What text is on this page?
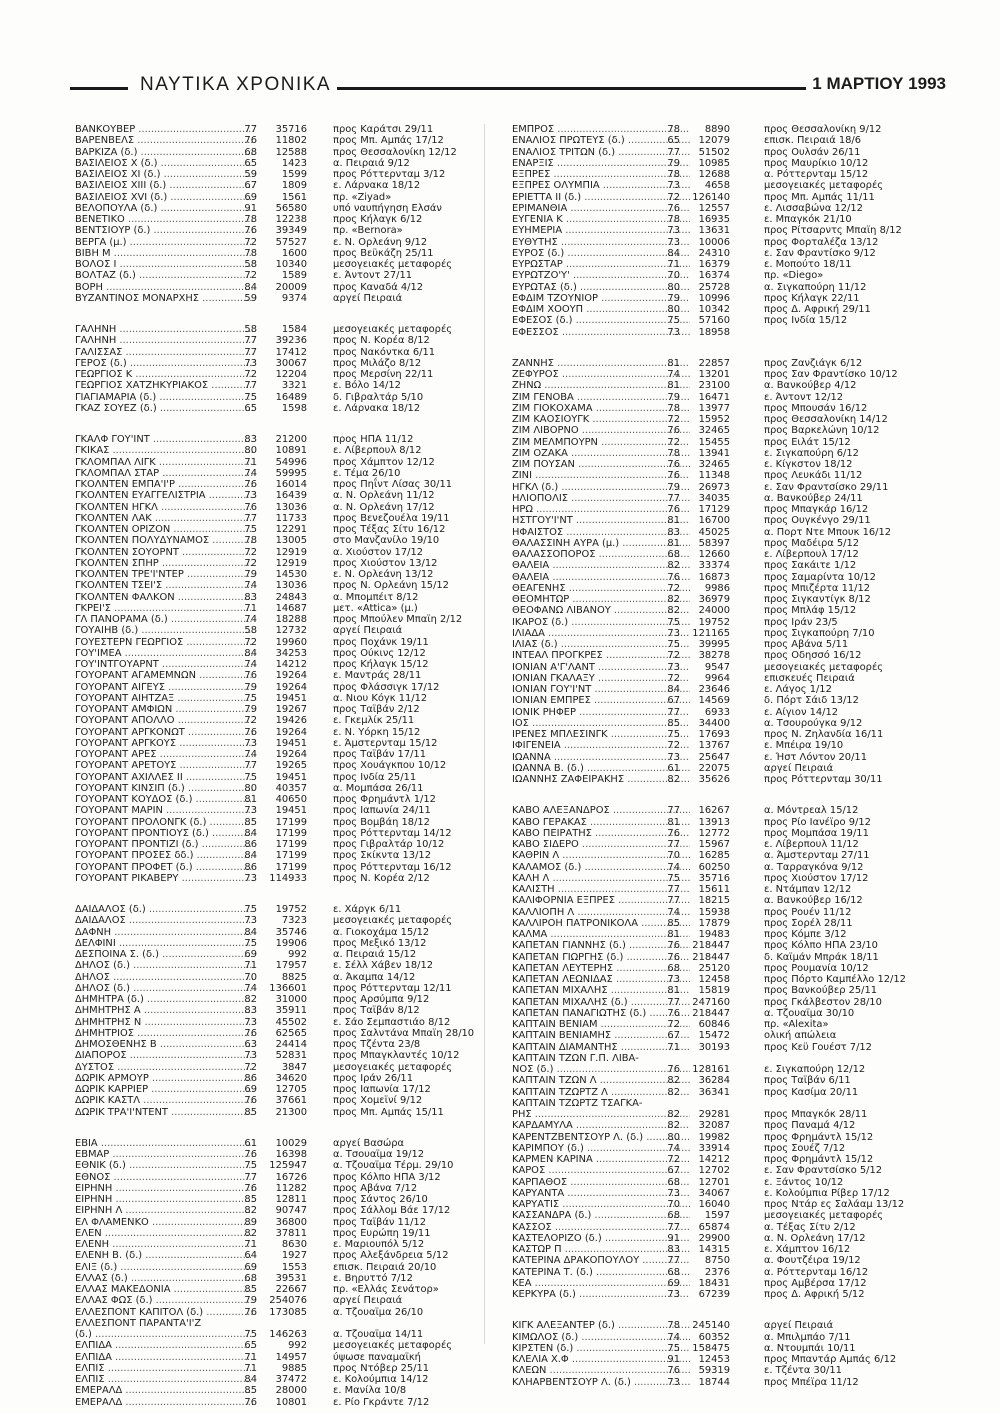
ΝΑΥΤΙΚΑ ΧΡΟΝΙΚΑ	1 ΜΑΡΤΙΟΥ 1993
ΒΑΝΚΟΥΒΕΡ .....	77	35716	προς Καράτσι 29/11
ΒΑΡΕΝΒΕΛΣ .....	76	11802	προς Μπ. Αμπάς 17/12
ΒΑΡΚΙΖΑ (δ.) .....	68	12588	προς Θεσσαλονίκη 12/12
ΒΑΣΙΛΕΙΟΣ Χ (δ.) .....	65	1423	α. Πειραιά 9/12
ΒΑΣΙΛΕΙΟΣ ΧΙ (δ.) .....	59	1599	προς Ρόττερνταμ 3/12
ΒΑΣΙΛΕΙΟΣ ΧΙΙΙ (δ.) .....	67	1809	ε. Λάρνακα 18/12
ΒΑΣΙΛΕΙΟΣ ΧVΙ (δ.) .....	69	1561	πρ. «Ziyad»
ΒΕΛΟΠΟΥΛΑ (δ.) .....	91	56580	υπό ναυπήγηση Ελσάν
ΒΕΝΕΤΙΚΟ .....	78	12238	προς Κήλαγκ 6/12
ΒΕΝΤΣΙΟΥΡ (δ.) .....	76	39349	πρ. «Bernora»
ΒΕΡΓΑ (μ.) .....	72	57527	ε. Ν. Ορλεάνη 9/12
ΒΙΒΗ Μ .....	78	1600	προς Βεϋκάζη 25/11
ΒΟΛΟΣ Ι .....	58	10340	μεσογειακές μεταφορές
ΒΟΛΤΑΖ (δ.) .....	72	1589	ε. Άντοντ 27/11
ΒΟΡΗ .....	84	20009	προς Καναδά 4/12
ΒΥΖΑΝΤΙΝΟΣ ΜΟΝΑΡΧΗΣ .....	59	9374	αργεί Πειραιά
ΓΑΛΗΝΗ .....	58	1584	μεσογειακές μεταφορές
ΓΑΛΗΝΗ .....	77	39236	προς Ν. Κορέα 8/12
ΓΑΛΙΣΣΑΣ .....	77	17412	προς Νακόντκα 6/11
ΓΕΡΟΣ (δ.) .....	73	30067	προς Μιλάζο 8/12
ΓΕΩΡΓΙΟΣ Κ .....	72	12204	προς Μερσίνη 22/11
ΓΕΩΡΓΙΟΣ ΧΑΤΖΗΚΥΡΙΑΚΟΣ .....	77	3321	ε. Βόλο 14/12
ΓΙΑΓΙΑΜΑΡΙΑ (δ.) .....	75	16489	δ. Γιβραλτάρ 5/10
ΓΚΑΖ ΣΟΥΕΖ (δ.) .....	65	1598	ε. Λάρνακα 18/12
ΓΚΑΛΦ ΓΟΥ'ΙΝΤ .....	83	21200	προς ΗΠΑ 11/12
ΓΚΙΚΑΣ .....	80	10891	ε. Λίβερπουλ 8/12
ΓΚΛΟΜΠΑΛ ΛΙΓΚ .....	71	54996	προς Χάμπτον 12/12
ΓΚΛΟΜΠΑΛ ΣΤΑΡ .....	74	59995	ε. Τέμα 26/10
ΓΚΟΛΝΤΕΝ ΕΜΠΑ'Ι'Ρ .....	76	16014	προς Πηΐντ Λίσας 30/11
ΓΚΟΛΝΤΕΝ ΕΥΑΓΓΕΛΙΣΤΡΙΑ .....	73	16439	α. Ν. Ορλεάνη 11/12
ΓΚΟΛΝΤΕΝ ΗΓΚΛ .....	76	13036	α. Ν. Ορλεάνη 17/12
ΓΚΟΛΝΤΕΝ ΛΑΚ .....	77	11733	προς Βενεζουέλα 19/11
ΓΚΟΛΝΤΕΝ ΟΡΙΖΟΝ .....	75	12291	προς Τέξας Σίτυ 16/12
ΓΚΟΛΝΤΕΝ ΠΟΛΥΔΥΝΑΜΟΣ .....	78	13005	στο Μανζανίλο 19/10
ΓΚΟΛΝΤΕΝ ΣΟΥΟΡΝΤ .....	72	12919	α. Χιούστον 17/12
ΓΚΟΛΝΤΕΝ ΣΠΗΡ .....	72	12919	προς Χιούστον 13/12
ΓΚΟΛΝΤΕΝ ΤΡΕ'Ι'ΝΤΕΡ .....	79	14530	ε. Ν. Ορλεάνη 13/12
ΓΚΟΛΝΤΕΝ ΤΣΕΙ'Σ .....	74	13036	προς Ν. Ορλεάνη 15/12
ΓΚΟΛΝΤΕΝ ΦΑΛΚΟΝ .....	83	24843	α. Μπομπέιτ 8/12
ΓΚΡΕΪ'Σ .....	71	14687	μετ. «Attica» (μ.)
ΓΛ ΠΑΝΟΡΑΜΑ (δ.) .....	74	18288	προς Μπούλεν Μπαϊη 2/12
ΓΟΥΑΙΗΒ (δ.) .....	58	12732	αργεί Πειραιά
ΓΟΥΕΣΤΕΡΝ ΓΕΩΡΓΙΟΣ .....	72	19960	προς Ποχάνκ 19/11
ΓΟΥ'ΙΜΕΑ .....	84	34253	προς Ούκινς 12/12
ΓΟΥ'ΙΝΤΓΟΥΑΡΝΤ .....	74	14212	προς Κήλαγκ 15/12
ΓΟΥΟΡΑΝΤ ΑΓΑΜΕΜΝΩΝ .....	76	19264	ε. Μαντράς 28/11
ΓΟΥΟΡΑΝΤ ΑΙΓΕΥΣ .....	79	19264	προς Φλάσσιγκ 17/12
ΓΟΥΟΡΑΝΤ ΑΙΗΤΖΑΞ .....	75	19451	α. Νιου Κόγκ 11/12
ΓΟΥΟΡΑΝΤ ΑΜΦΙΩΝ .....	79	19267	προς Ταϊβάν 2/12
ΓΟΥΟΡΑΝΤ ΑΠΟΛΛΟ .....	72	19426	ε. Γκεμλίκ 25/11
ΓΟΥΟΡΑΝΤ ΑΡΓΚΟΝΩΤ .....	76	19264	ε. Ν. Υόρκη 15/12
ΓΟΥΟΡΑΝΤ ΑΡΓΚΟΥΣ .....	73	19451	ε. Άμστερνταμ 15/12
ΓΟΥΟΡΑΝΤ ΑΡΕΣ .....	74	19264	προς Ταϊβάν 17/11
ΓΟΥΟΡΑΝΤ ΑΡΕΤΟΥΣ .....	77	19265	προς Χουάγκπου 10/12
ΓΟΥΟΡΑΝΤ ΑΧΙΛΛΕΣ ΙΙ .....	75	19451	προς Ινδία 25/11
ΓΟΥΟΡΑΝΤ ΚΙΝΣΙΠ (δ.) .....	80	40357	α. Μομπάσα 26/11
ΓΟΥΟΡΑΝΤ ΚΟΥΔΟΣ (δ.) .....	81	40650	προς Φρημάντλ 1/12
ΓΟΥΟΡΑΝΤ ΜΑΡΙΝ .....	73	19451	προς Ιαπωνία 24/11
ΓΟΥΟΡΑΝΤ ΠΡΟΛΟΝΓΚ (δ.) .....	85	17199	προς Βομβάη 18/12
ΓΟΥΟΡΑΝΤ ΠΡΟΝΤΙΟΥΣ (δ.) .....	84	17199	προς Ρόττερνταμ 14/12
ΓΟΥΟΡΑΝΤ ΠΡΟΝΤΙΖΙ (δ.) .....	86	17199	προς Γιβραλτάρ 10/12
ΓΟΥΟΡΑΝΤ ΠΡΟΣΕΣ δδ.) .....	84	17199	προς Σκίκντα 13/12
ΓΟΥΟΡΑΝΤ ΠΡΟΦΕΤ (δ.) .....	86	17199	προς Ρόττερνταμ 16/12
ΓΟΥΟΡΑΝΤ ΡΙΚΑΒΕΡΥ .....	73	114933	προς Ν. Κορέα 2/12
ΔΑΙΔΑΛΟΣ (δ.) .....	75	19752	ε. Χάργκ 6/11
ΔΑΙΔΑΛΟΣ .....	73	7323	μεσογειακές μεταφορές
ΔΑΦΝΗ .....	84	35746	α. Γιοκοχάμα 15/12
ΔΕΛΦΙΝΙ .....	75	19906	προς Μεξικό 13/12
ΔΕΣΠΟΙΝΑ Σ. (δ.) .....	69	992	α. Πειραιά 15/12
ΔΗΛΟΣ (δ.) .....	71	17957	ε. Σέλλ Χάβεν 18/12
ΔΗΛΟΣ .....	70	8825	α. Άκαμπα 14/12
ΔΗΛΟΣ (δ.) .....	74	136601	προς Ρόττερνταμ 12/11
ΔΗΜΗΤΡΑ (δ.) .....	82	31000	προς Αρσύμπα 9/12
ΔΗΜΗΤΡΗΣ Α .....	83	35911	προς Ταϊβάν 8/12
ΔΗΜΗΤΡΗΣ Ν .....	73	45502	ε. Σάο Σεμπαστιάο 8/12
ΔΗΜΗΤΡΙΟΣ .....	76	62565	προς Σαλντάνα Μπαϊη 28/10
ΔΗΜΟΣΘΕΝΗΣ Β .....	63	24414	προς Τζέντα 23/8
ΔΙΑΠΟΡΟΣ .....	73	52831	προς Μπαγκλαντές 10/12
ΔΥΣΤΟΣ .....	72	3847	μεσογειακές μεταφορές
ΔΩΡΙΚ ΑΡΜΟΥΡ .....	86	34620	προς Ιράν 26/11
ΔΩΡΙΚ ΚΑΡΡΙΕΡ .....	69	12705	προς Ιαπωνία 17/12
ΔΩΡΙΚ ΚΑΣΤΛ .....	76	37661	προς Χομεϊνί 9/12
ΔΩΡΙΚ ΤΡΑ'Ι'ΝΤΕΝΤ .....	85	21300	προς Μπ. Αμπάς 15/11
ΕΒΙΑ .....	61	10029	αργεί Βασώρα
ΕΒΜΑΡ .....	76	16398	α. Τσουαϊμα 19/12
ΕΘΝΙΚ (δ.) .....	75	125947	α. Τζουαϊμα Τέρμ. 29/10
ΕΘΝΟΣ .....	77	16726	προς Κόλπο ΗΠΑ 3/12
ΕΙΡΗΝΗ .....	76	11282	προς Αβάνα 7/12
ΕΙΡΗΝΗ .....	85	12811	προς Σάντος 26/10
ΕΙΡΗΝΗ Λ .....	82	90747	προς Σάλλομ Βάε 17/12
ΕΛ ΦΛΑΜΕΝΚΟ .....	89	36800	προς Ταϊβάν 11/12
ΕΛΕΝ .....	82	37811	προς Ευρώπη 19/11
ΕΛΕΝΗ .....	71	8630	ε. Μαριουπόλ 5/12
ΕΛΕΝΗ Β. (δ.) .....	64	1927	προς Αλεξάνδρεια 5/12
ΕΛΙΞ (δ.) .....	69	1553	επισκ. Πειραιά 20/10
ΕΛΛΑΣ (δ.) .....	68	39531	ε. Βηρυττό 7/12
ΕΛΛΑΣ ΜΑΚΕΔΟΝΙΑ .....	85	22667	πρ. «Ελλάς Σενάτορ»
ΕΛΛΑΣ ΦΩΣ (δ.) .....	79	254076	αργεί Πειραιά
ΕΛΛΕΣΠΟΝΤ ΚΑΠΙΤΟΛ (δ.) .....	76	173085	α. Τζουαϊμα 26/10
ΕΛΛΕΣΠΟΝΤ ΠΑΡΑΝΤΑ'Ι'Ζ
(δ.) .....	75	146263	α. Τζουαϊμα 14/11
ΕΛΠΙΔΑ .....	65	992	μεσογειακές μεταφορές
ΕΛΠΙΔΑ .....	71	14957	ύψωσε παναμαϊκή
ΕΛΠΙΣ .....	71	9885	προς Ντόβερ 25/11
ΕΛΠΙΣ .....	84	37472	ε. Κολούμπια 14/12
ΕΜΕΡΑΛΔ .....	85	28000	ε. Μανίλα 10/8
ΕΜΕΡΑΛΔ .....	76	10801	ε. Ρίο Γκράντε 7/12
ΕΜΠΡΟΣ .....	78	8890	προς Θεσσαλονίκη 9/12
ΕΝΑΛΙΟΣ ΠΡΩΤΕΥΣ (δ.) .....	65	12079	επισκ. Πειραιά 18/6
ΕΝΑΛΙΟΣ ΤΡΙΤΩΝ (δ.) .....	77	51502	προς Ουλσάν 26/11
ΕΝΑΡΞΙΣ .....	79	10985	προς Μαυρίκιο 10/12
ΕΞΠΡΕΣ .....	78	12688	α. Ρόττερνταμ 15/12
ΕΞΠΡΕΣ ΟΛΥΜΠΙΑ .....	73	4658	μεσογειακές μεταφορές
ΕΡΙΕΤΤΑ ΙΙ (δ.) .....	72	126140	προς Μπ. Αμπάς 11/11
ΕΡΙΜΑΝΘΙΑ .....	76	12557	ε. Λισσαβώνα 12/12
ΕΥΓΕΝΙΑ Κ .....	78	16935	ε. Μπαγκόκ 21/10
ΕΥΗΜΕΡΙΑ .....	73	13631	προς Ρίτσαρντς Μπαϊη 8/12
ΕΥΘΥΤΗΣ .....	73	10006	προς Φορταλέζα 13/12
ΕΥΡΟΣ (δ.) .....	84	24310	ε. Σαν Φραντίσκο 9/12
ΕΥΡΩΣΤΑΡ .....	71	16379	ε. Μοπούτο 18/11
ΕΥΡΩΤΖΟ'Υ' .....	70	16374	πρ. «Diego»
ΕΥΡΩΤΑΣ (δ.) .....	80	25728	α. Σιγκαπούρη 11/12
ΕΦΔΙΜ ΤΖΟΥΝΙΟΡ .....	79	10996	προς Κήλαγκ 22/11
ΕΦΔΙΜ ΧΟΟΥΠ .....	80	10342	προς Δ. Αφρική 29/11
ΕΦΕΣΟΣ (δ.) .....	75	57160	προς Ινδία 15/12
ΕΦΕΣΣΟΣ .....	73	18958
ΖΑΝΝΗΣ .....	81	22857	προς Ζανζιάγκ 6/12
ΖΕΦΥΡΟΣ .....	74	13201	προς Σαν Φραντίσκο 10/12
ΖΗΝΩ .....	81	23100	α. Βανκούβερ 4/12
ΖΙΜ ΓΕΝΟΒΑ .....	79	16471	ε. Άντοντ 12/12
ΖΙΜ ΓΙΟΚΟΧΑΜΑ .....	78	13977	προς Μπουσάν 16/12
ΖΙΜ ΚΑΟΣΙΟΥΓΚ .....	72	15952	προς Θεσσαλονίκη 14/12
ΖΙΜ ΛΙΒΟΡΝΟ .....	76	32465	προς Βαρκελώνη 10/12
ΖΙΜ ΜΕΛΜΠΟΥΡΝ .....	72	15455	προς Ειλάτ 15/12
ΖΙΜ ΟΖΑΚΑ .....	78	13941	ε. Σιγκαπούρη 6/12
ΖΙΜ ΠΟΥΣΑΝ .....	76	32465	ε. Κίγκστον 18/12
ΖΙΝΙ .....	76	11348	προς Λευκάδι 11/12
ΗΓΚΛ (δ.) .....	79	26973	ε. Σαν Φραντσίσκο 29/11
ΗΛΙΟΠΟΛΙΣ .....	77	34035	α. Βανκούβερ 24/11
ΗΡΩ .....	76	17129	προς Μπαγκάρ 16/12
ΗΣΤΓΟΥ'Ι'ΝΤ .....	81	16700	προς Ουγκένγο 29/11
ΗΦΑΙΣΤΟΣ .....	83	45025	α. Πορτ Ντε Μπουκ 16/12
ΘΑΛΑΣΣΙΝΗ ΑΥΡΑ (μ.) .....	81	58397	προς Μαδέιρα 5/12
ΘΑΛΑΣΣΟΠΟΡΟΣ .....	68	12660	ε. Λίβερπουλ 17/12
ΘΑΛΕΙΑ .....	82	33374	προς Σακάιτε 1/12
ΘΑΛΕΙΑ .....	76	16873	προς Σαμαρίντα 10/12
ΘΕΑΓΕΝΗΣ .....	72	9986	προς Μπιζέρτα 11/12
ΘΕΟΜΗΤΩΡ .....	82	36979	προς Σιγκαντίγκ 8/12
ΘΕΟΦΑΝΩ ΛΙΒΑΝΟΥ .....	82	24000	προς Μπλάφ 15/12
ΙΚΑΡΟΣ (δ.) .....	75	19752	προς Ιράν 23/5
ΙΛΙΑΔΑ .....	73	121165	προς Σιγκαπούρη 7/10
ΙΛΙΑΣ (δ.) .....	75	39995	προς Αβάνα 5/11
ΙΝΤΕΑΛ ΠΡΟΓΚΡΕΣ .....	72	38278	προς Οδησσό 16/12
ΙΟΝΙΑΝ Α'Γ'ΛΑΝΤ .....	73	9547	μεσογειακές μεταφορές
ΙΟΝΙΑΝ ΓΚΑΛΑΞΥ .....	72	9964	επισκευές Πειραιά
ΙΟΝΙΑΝ ΓΟΥ'Ι'ΝΤ .....	84	23646	ε. Λάγος 1/12
ΙΟΝΙΑΝ ΕΜΠΡΕΣ .....	67	14569	δ. Πόρτ Σάιδ 13/12
ΙΟΝΙΚ ΡΗΦΕΡ .....	77	6933	ε. Αίγιον 14/12
ΙΟΣ .....	85	34400	α. Τσουρούγκα 9/12
ΙΡΕΝΕΣ ΜΠΛΕΣΙΝΓΚ .....	75	17693	προς Ν. Ζηλανδία 16/11
ΙΦΙΓΕΝΕΙΑ .....	72	13767	ε. Μπέιρα 19/10
ΙΩΑΝΝΑ .....	73	25647	ε. Ήστ Λόντον 20/11
ΙΩΑΝΝΑ Β. (δ.) .....	61	22075	αργεί Πειραιά
ΙΩΑΝΝΗΣ ΖΑΦΕΙΡΑΚΗΣ .....	82	35626	προς Ρόττερνταμ 30/11
ΚΑΒΟ ΑΛΕΞΑΝΔΡΟΣ .....	77	16267	α. Μόντρεαλ 15/12
ΚΑΒΟ ΓΕΡΑΚΑΣ .....	81	13913	προς Ρίο Ιανέϊρο 9/12
ΚΑΒΟ ΠΕΙΡΑΤΗΣ .....	76	12772	προς Μομπάσα 19/11
ΚΑΒΟ ΣΙΔΕΡΟ .....	77	15967	ε. Λίβερπουλ 11/12
ΚΑΘΡΙΝ Λ .....	70	16285	α. Άμστερνταμ 27/11
ΚΑΛΑΜΟΣ (δ.) .....	74	60250	α. Ταρραγκόνα 9/12
ΚΑΛΗ Λ .....	75	35716	προς Χιούστον 17/12
ΚΑΛΙΣΤΗ .....	77	15611	ε. Ντάμπαν 12/12
ΚΑΛΙΦΟΡΝΙΑ ΕΞΠΡΕΣ .....	77	18215	α. Βανκούβερ 16/12
ΚΑΛΛΙΟΠΗ Λ .....	74	15938	προς Ρουέν 11/12
ΚΑΛΛΙΡΟΗ ΠΑΤΡΟΝΙΚΟΛΑ .....	85	17879	προς Σορέλ 28/11
ΚΑΛΜΑ .....	81	19483	προς Κόμπε 3/12
ΚΑΠΕΤΑΝ ΓΙΑΝΝΗΣ (δ.) .....	76	218447	προς Κόλπο ΗΠΑ 23/10
ΚΑΠΕΤΑΝ ΓΙΩΡΓΗΣ (δ.) .....	76	218447	δ. Καϊμάν Μπράκ 18/11
ΚΑΠΕΤΑΝ ΛΕΥΤΕΡΗΣ .....	68	25120	προς Ρουμανία 10/12
ΚΑΠΕΤΑΝ ΛΕΩΝΙΔΑΣ .....	73	12458	προς Πόρτο Καμπέλλο 12/12
ΚΑΠΕΤΑΝ ΜΙΧΑΛΗΣ .....	81	15819	προς Βανκούβερ 25/11
ΚΑΠΕΤΑΝ ΜΙΧΑΛΗΣ (δ.) .....	77	247160	προς Γκάλβεστον 28/10
ΚΑΠΕΤΑΝ ΠΑΝΑΓΙΩΤΗΣ (δ.) .....	76	218447	α. Τζουαϊμα 30/10
ΚΑΠΤΑΙΝ ΒΕΝΙΑΜ .....	72	60846	πρ. «Alexita»
ΚΑΠΤΑΙΝ ΒΕΝΙΑΜΗΣ .....	67	15472	ολική απώλεια
ΚΑΠΤΑΙΝ ΔΙΑΜΑΝΤΗΣ .....	71	30193	προς Κεϋ Γουέστ 7/12
ΚΑΠΤΑΙΝ ΤΖΩΝ Γ.Π. ΛΙΒΑ-
ΝΟΣ (δ.) .....	76	128161	ε. Σιγκαπούρη 12/12
ΚΑΠΤΑΙΝ ΤΖΩΝ Λ .....	82	36284	προς Ταϊβάν 6/11
ΚΑΠΤΑΙΝ ΤΖΩΡΤΖ Λ .....	82	36341	προς Κασίμα 20/11
ΚΑΠΤΑΙΝ ΤΖΩΡΤΖ ΤΣΑΓΚΑ-
ΡΗΣ .....	82	29281	προς Μπαγκόκ 28/11
ΚΑΡΔΑΜΥΛΑ .....	82	32087	προς Παναμά 4/12
ΚΑΡΕΝΤΖΒΕΝΤΣΟΥΡ Λ. (δ.) .....	80	19982	προς Φρημάντλ 15/12
ΚΑΡΙΜΠΟΥ (δ.) .....	74	33914	προς Σουέζ 7/12
ΚΑΡΜΕΝ ΚΑΡΙΝΑ .....	72	14212	προς Φρημάντλ 15/12
ΚΑΡΟΣ .....	67	12702	ε. Σαν Φραντσίσκο 5/12
ΚΑΡΠΑΘΟΣ .....	68	12701	ε. Ξάντος 10/12
ΚΑΡΥΑΝΤΑ .....	73	34067	ε. Κολούμπια Ρίβερ 17/12
ΚΑΡΥΑΤΙΣ .....	70	16040	προς Ντάρ ες Σαλάαμ 13/12
ΚΑΣΣΑΝΔΡΑ (δ.) .....	68	1597	μεσογειακές μεταφορές
ΚΑΣΣΟΣ .....	77	65874	α. Τέξας Σίτυ 2/12
ΚΑΣΤΕΛΟΡΙΖΟ (δ.) .....	91	29900	α. Ν. Ορλεάνη 17/12
ΚΑΣΤΩΡ Π .....	83	14315	ε. Χάμπτον 16/12
ΚΑΤΕΡΙΝΑ ΔΡΑΚΟΠΟΥΛΟΥ .....	77	8750	α. Φουτζέιρα 19/12
ΚΑΤΕΡΙΝΑ Τ. (δ.) .....	68	2376	α. Ρόττερνταμ 16/12
ΚΕΑ .....	69	18431	προς Αμβέρσα 17/12
ΚΕΡΚΥΡΑ (δ.) .....	73	67239	προς Δ. Αφρική 5/12
ΚΙΓΚ ΑΛΕΞΑΝΤΕΡ (δ.) .....	78	245140	αργεί Πειραιά
ΚΙΜΩΛΟΣ (δ.) .....	74	60352	α. Μπιλμπάο 7/11
ΚΙΡΣΤΕΝ (δ.) .....	75	158475	α. Ντουμπάι 10/11
ΚΛΕΛΙΑ Χ.Φ .....	91	12453	προς Μπαντάρ Αμπάς 6/12
ΚΛΕΩΝ .....	76	59319	ε. Τζέντα 30/11
ΚΛΗΑΡΒΕΝΤΣΟΥΡ Λ. (δ.) .....	73	18744	προς Μπέϊρα 11/12
